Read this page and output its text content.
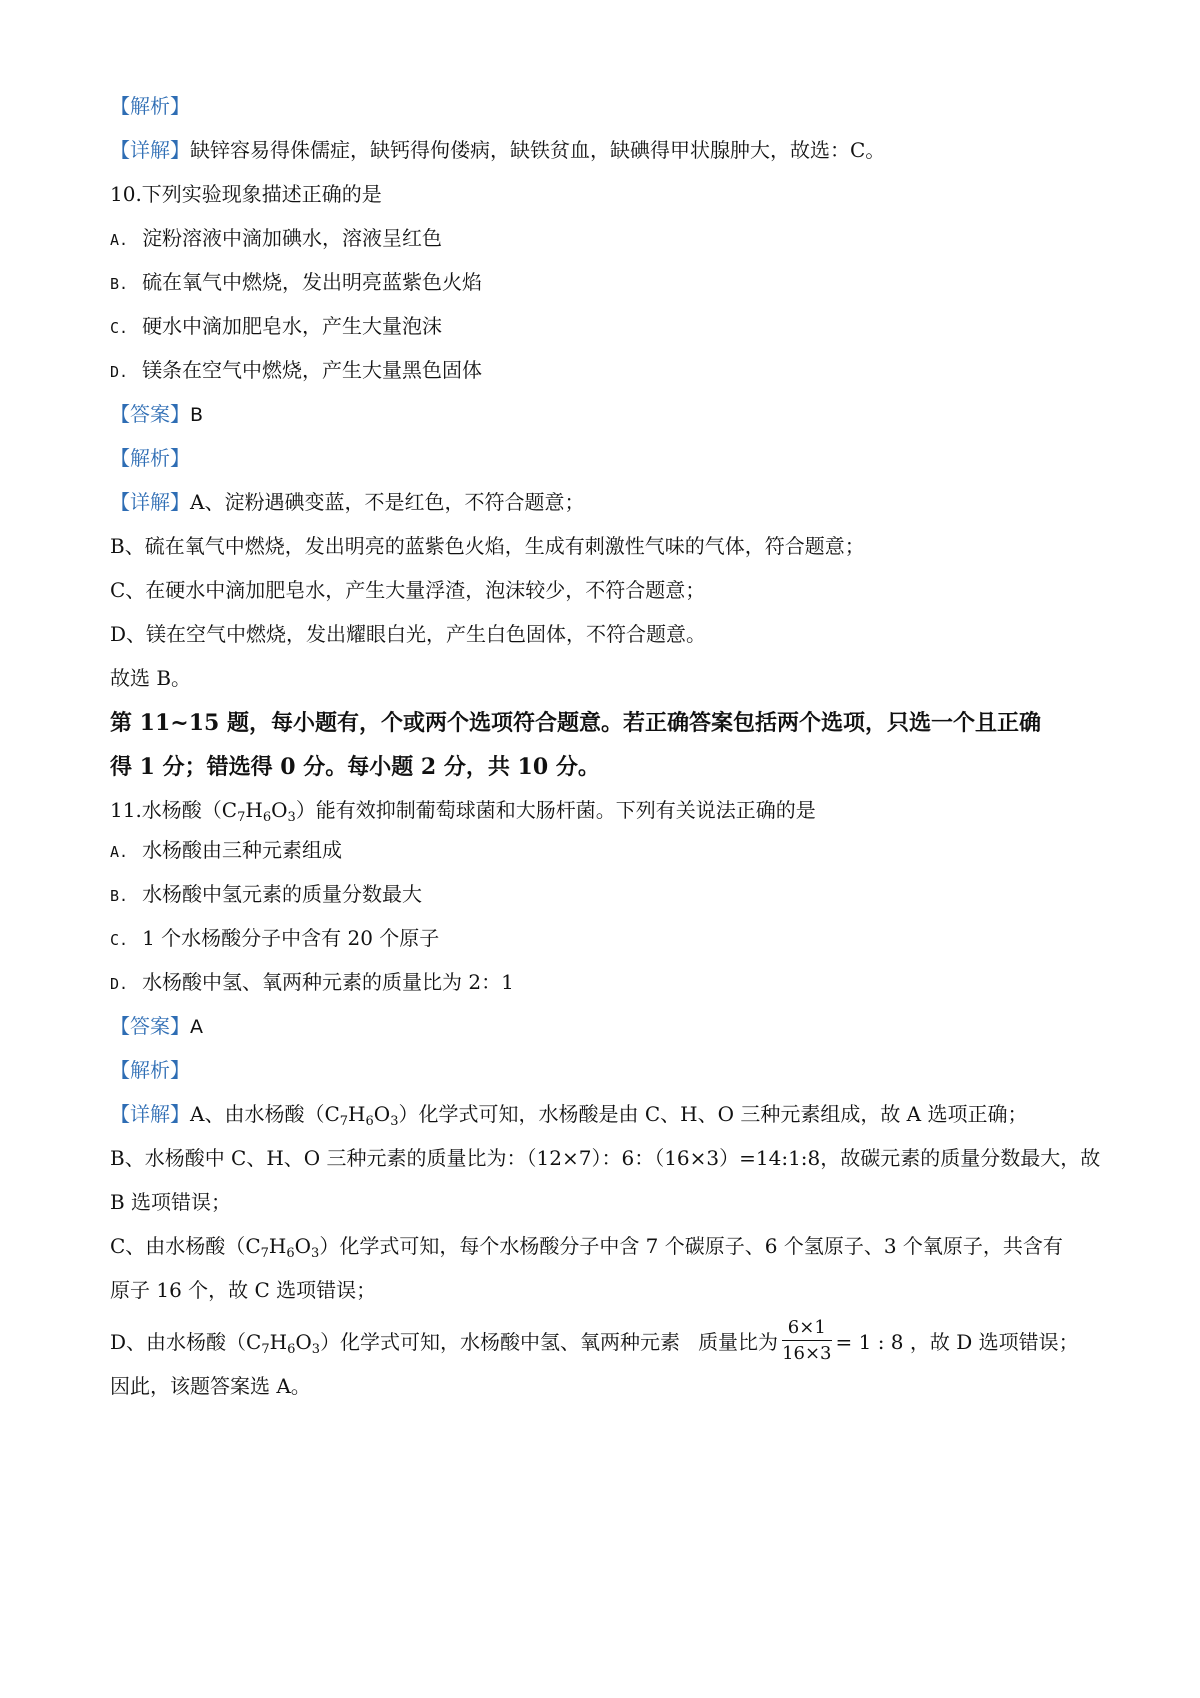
【解析】

【详解】缺锌容易得侏儒症，缺钙得佝偻病，缺铁贫血，缺碘得甲状腺肿大，故选：C。

10.下列实验现象描述正确的是

A. 淀粉溶液中滴加碘水，溶液呈红色

B. 硫在氧气中燃烧，发出明亮蓝紫色火焰

C. 硬水中滴加肥皂水，产生大量泡沫

D. 镁条在空气中燃烧，产生大量黑色固体

【答案】B

【解析】

【详解】A、淀粉遇碘变蓝，不是红色，不符合题意；

B、硫在氧气中燃烧，发出明亮的蓝紫色火焰，生成有刺激性气味的气体，符合题意；

C、在硬水中滴加肥皂水，产生大量浮渣，泡沫较少，不符合题意；

D、镁在空气中燃烧，发出耀眼白光，产生白色固体，不符合题意。

故选 B。

第 11~15 题，每小题有，个或两个选项符合题意。若正确答案包括两个选项，只选一个且正确

得 1 分；错选得 0 分。每小题 2 分，共 10 分。

11.水杨酸$(C_7H_6O_3)$能有效抑制葡萄球菌和大肠杆菌。下列有关说法正确的是

A. 水杨酸由三种元素组成

B. 水杨酸中氢元素的质量分数最大

C. 1 个水杨酸分子中含有 20 个原子

D. 水杨酸中氢、氧两种元素的质量比为 2：1

【答案】A

【解析】

【详解】A、由水杨酸$(C_7H_6O_3)$化学式可知，水杨酸是由 C、H、O 三种元素组成，故 A 选项正确；

B、水杨酸中 C、H、O 三种元素的质量比为：（12×7）：6：（16×3）=14:1:8，故碳元素的质量分数最大，故

B 选项错误；

C、由水杨酸$(C_7H_6O_3)$化学式可知，每个水杨酸分子中含 7 个碳原子、6 个氢原子、3 个氧原子，共含有

原子 16 个，故 C 选项错误；

D、由水杨酸$(C_7H_6O_3)$化学式可知，水杨酸中氢、氧两种元素 质量比为 $\frac{6\times 1}{16\times 3} = 1$ : 8 ，故 D 选项错误；

因此，该题答案选 A。
